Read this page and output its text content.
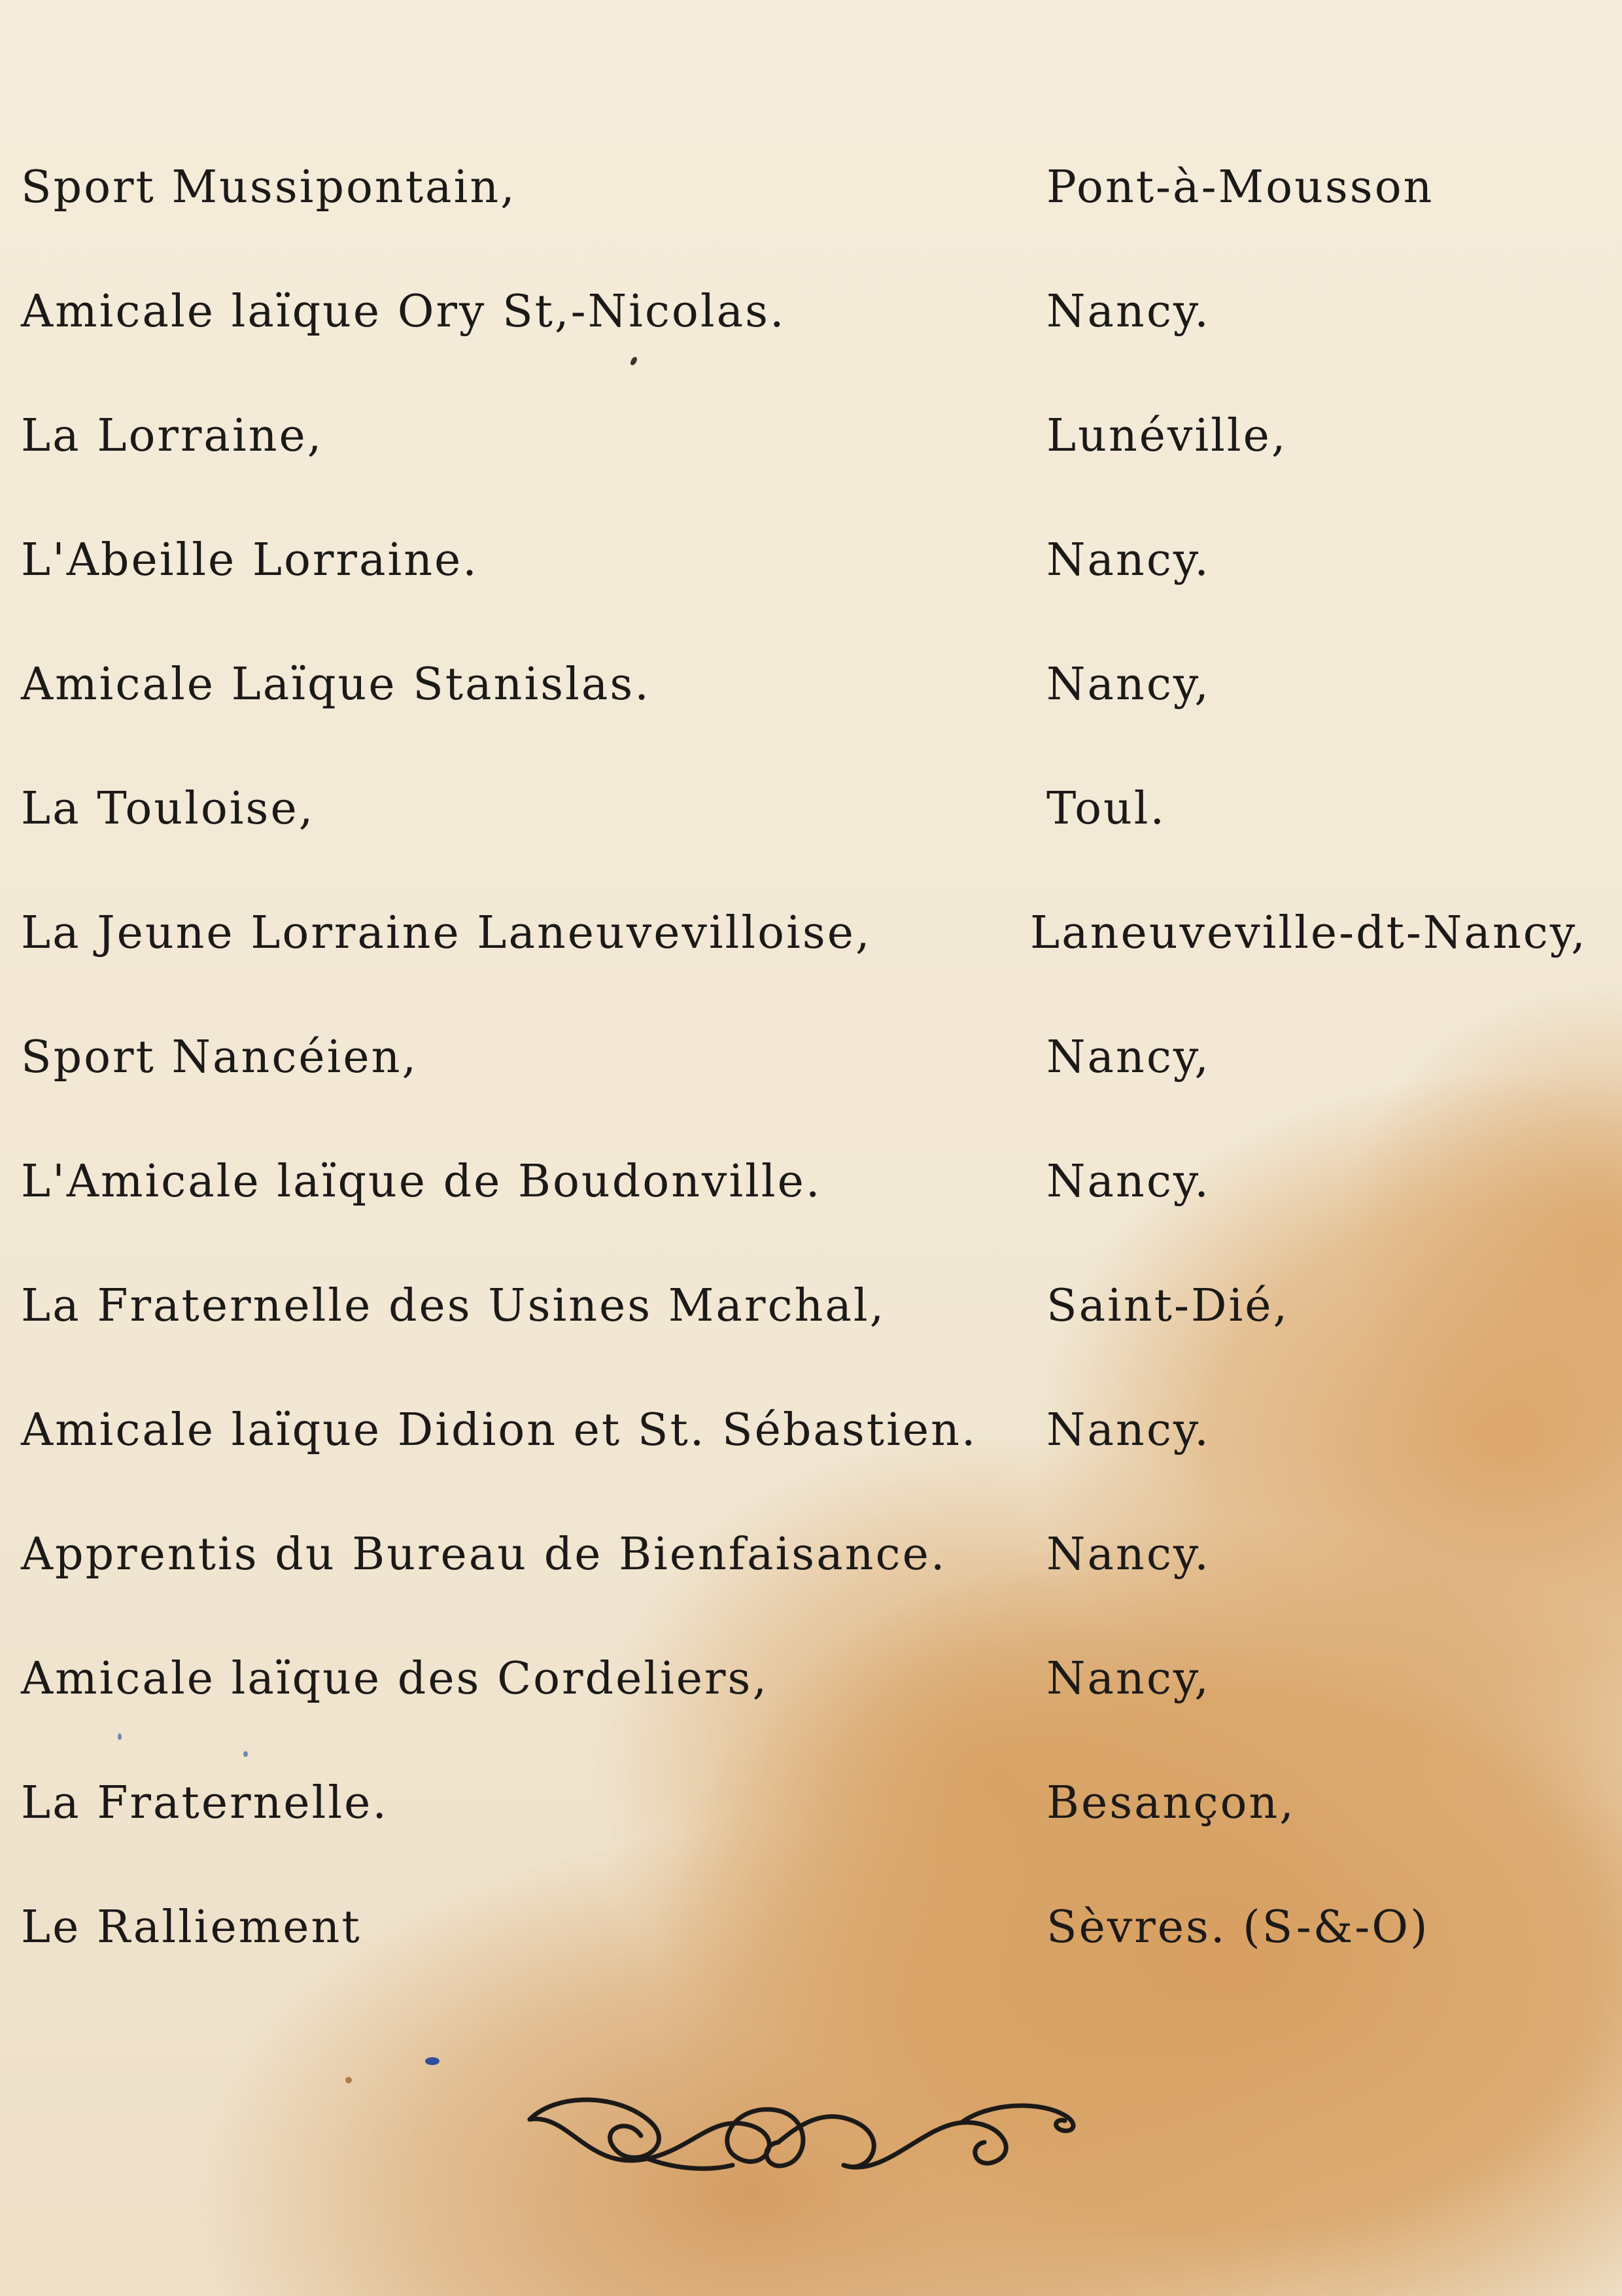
Sport Mussipontain,	Pont-à-Mousson
Amicale laïque Ory St,-Nicolas.	Nancy.
La Lorraine,	Lunéville,
L'Abeille Lorraine.	Nancy.
Amicale Laïque Stanislas.	Nancy,
La Touloise,	Toul.
La Jeune Lorraine Laneuvevilloise,	Laneuveville-dt-Nancy,
Sport Nancéien,	Nancy,
L'Amicale laïque de Boudonville.	Nancy.
La Fraternelle des Usines Marchal,	Saint-Dié,
Amicale laïque Didion et St. Sébastien. Nancy.
Apprentis du Bureau de Bienfaisance. Nancy.
Amicale laïque des Cordeliers,	Nancy,
La Fraternelle.	Besançon,
Le Ralliement	Sèvres. (S-&-O)
